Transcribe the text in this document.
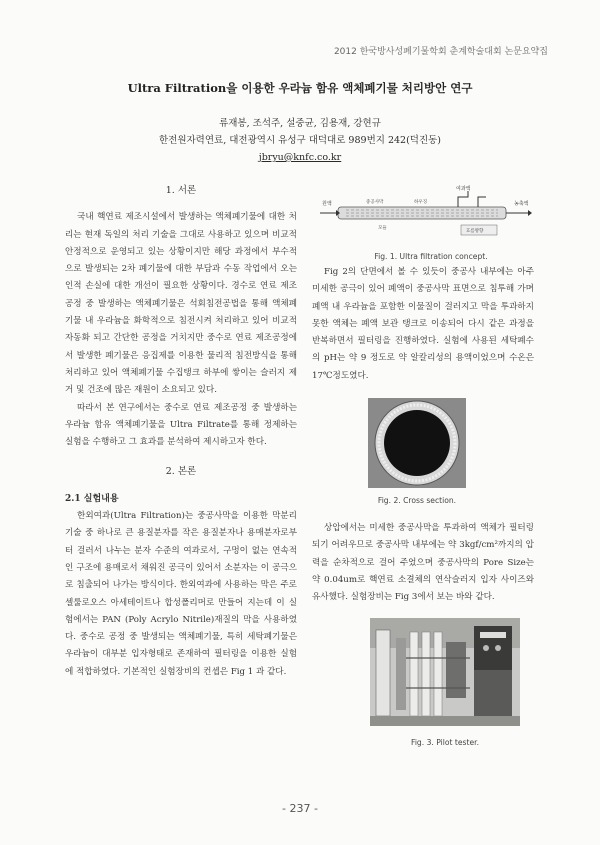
2012 한국방사성폐기물학회 춘계학술대회 논문요약집
Ultra Filtration을 이용한 우라늄 함유 액체폐기물 처리방안 연구
류재봉, 조석주, 설중균, 김용재, 강현규
한전원자력연료, 대전광역시 유성구 대덕대로 989번지 242(덕진동)
jbryu@knfc.co.kr
1. 서론

국내 핵연료 제조시설에서 발생하는 액체폐기물에 대한 처리는 현재 독일의 처리 기술을 그대로 사용하고 있으며 비교적 안정적으로 운영되고 있는 상황이지만 해당 과정에서 부수적으로 발생되는 2차 폐기물에 대한 부담과 수동 작업에서 오는 인적 손실에 대한 개선이 필요한 상황이다. 경수로 연료 제조 공정 중 발생하는 액체폐기물은 석회침전공법을 통해 액체폐기물 내 우라늄을 화학적으로 침전시켜 처리하고 있어 비교적 자동화 되고 간단한 공정을 거치지만 중수로 연료 제조공정에서 발생한 폐기물은 응집제를 이용한 물리적 침전방식을 통해 처리하고 있어 액체폐기물 수집탱크 하부에 쌓이는 슬러지 제거 및 건조에 많은 재원이 소요되고 있다.

따라서 본 연구에서는 중수로 연료 제조공정 중 발생하는 우라늄 함유 액체폐기물을 Ultra Filtrate를 통해 정제하는 실험을 수행하고 그 효과를 분석하여 제시하고자 한다.

2. 본론
2.1 실험내용

한외여과(Ultra Filtration)는 중공사막을 이용한 막분리 기술 중 하나로 큰 용질분자를 작은 용질분자나 용매분자로부터 걸러서 나누는 분자 수준의 여과로서, 구멍이 없는 연속적인 구조에 용매로서 채워진 공극이 있어서 소분자는 이 공극으로 침출되어 나가는 방식이다. 한외여과에 사용하는 막은 주로 셀룰로오스 아세테이트나 합성폴리머로 만들어 지는데 이 실험에서는 PAN (Poly Acrylo Nitrile)재질의 막을 사용하였다. 중수로 공정 중 발생되는 액체폐기물, 특히 세탁폐기물은 우라늄이 대부분 입자형태로 존재하여 필터링을 이용한 실험에 적합하였다. 기본적인 실험장비의 컨셉은 Fig 1 과 같다.

원액	농축액
여과액
중공사막	하우징
모듈
흐름방향
Fig. 1. Ultra filtration concept.

Fig 2의 단면에서 볼 수 있듯이 중공사 내부에는 아주 미세한 공극이 있어 폐액이 중공사막 표면으로 침투해 가며 폐액 내 우라늄을 포함한 이물질이 걸러지고 막을 투과하지 못한 액체는 폐액 보관 탱크로 이송되어 다시 같은 과정을 반복하면서 필터링을 진행하였다. 실험에 사용된 세탁폐수의 pH는 약 9 정도로 약 알칼리성의 용액이었으며 수온은 17℃정도였다.

Fig. 2. Cross section.

상압에서는 미세한 중공사막을 투과하여 액체가 필터링 되기 어려우므로 중공사막 내부에는 약 3kgf/cm²까지의 압력을 순차적으로 걸어 주었으며 중공사막의 Pore Size는 약 0.04um로 핵연료 소결체의 연삭슬러지 입자 사이즈와 유사했다. 실험장비는 Fig 3에서 보는 바와 같다.

Fig. 3. Pilot tester.
- 237 -
